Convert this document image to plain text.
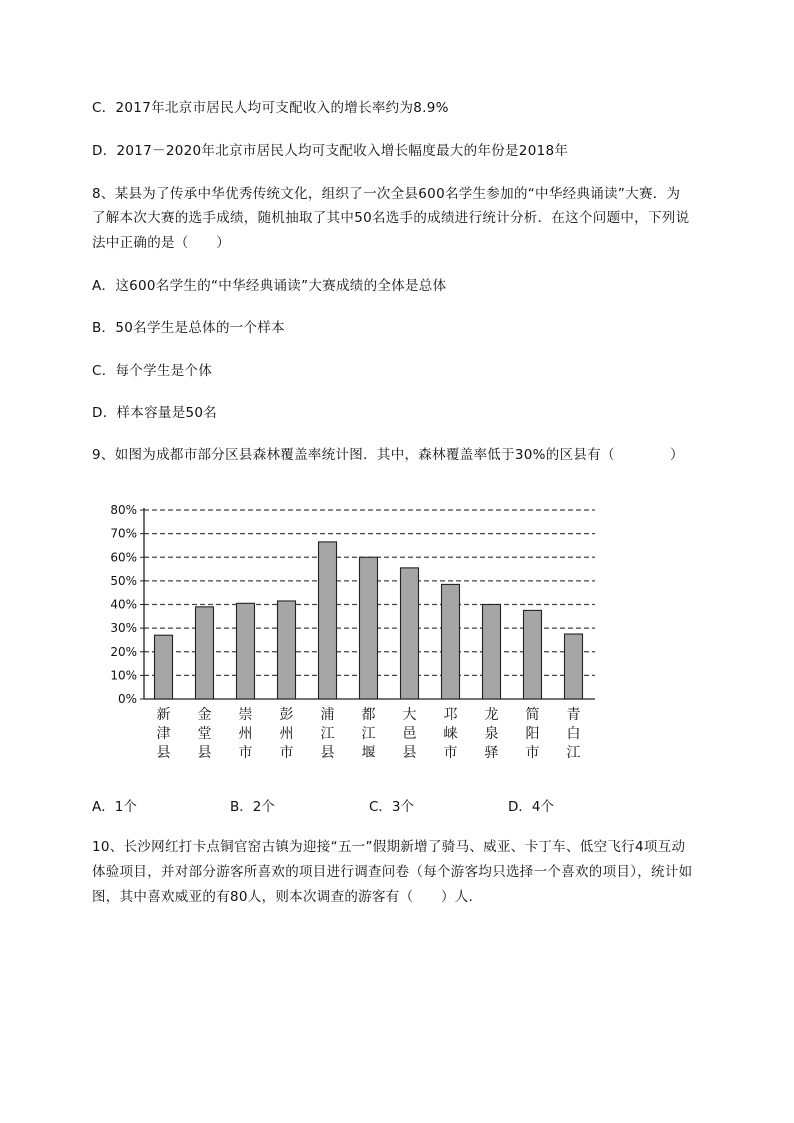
C．2017年北京市居民人均可支配收入的增长率约为8.9%
D．2017－2020年北京市居民人均可支配收入增长幅度最大的年份是2018年
8、某县为了传承中华优秀传统文化，组织了一次全县600名学生参加的“中华经典诵读”大赛．为
了解本次大赛的选手成绩，随机抽取了其中50名选手的成绩进行统计分析．在这个问题中，下列说
法中正确的是（　　）
A．这600名学生的“中华经典诵读”大赛成绩的全体是总体
B．50名学生是总体的一个样本
C．每个学生是个体
D．样本容量是50名
9、如图为成都市部分区县森林覆盖率统计图．其中，森林覆盖率低于30%的区县有（　　　　）
0%
10%
20%
30%
40%
50%
60%
70%
80%
新
津
县
金
堂
县
崇
州
市
彭
州
市
浦
江
县
都
江
堰
大
邑
县
邛
崃
市
龙
泉
驿
简
阳
市
青
白
江
A．1个	B．2个	C．3个	D．4个
10、长沙网红打卡点铜官窑古镇为迎接“五一”假期新增了骑马、威亚、卡丁车、低空飞行4项互动
体验项目，并对部分游客所喜欢的项目进行调查问卷（每个游客均只选择一个喜欢的项目），统计如
图，其中喜欢威亚的有80人，则本次调查的游客有（　　）人．
